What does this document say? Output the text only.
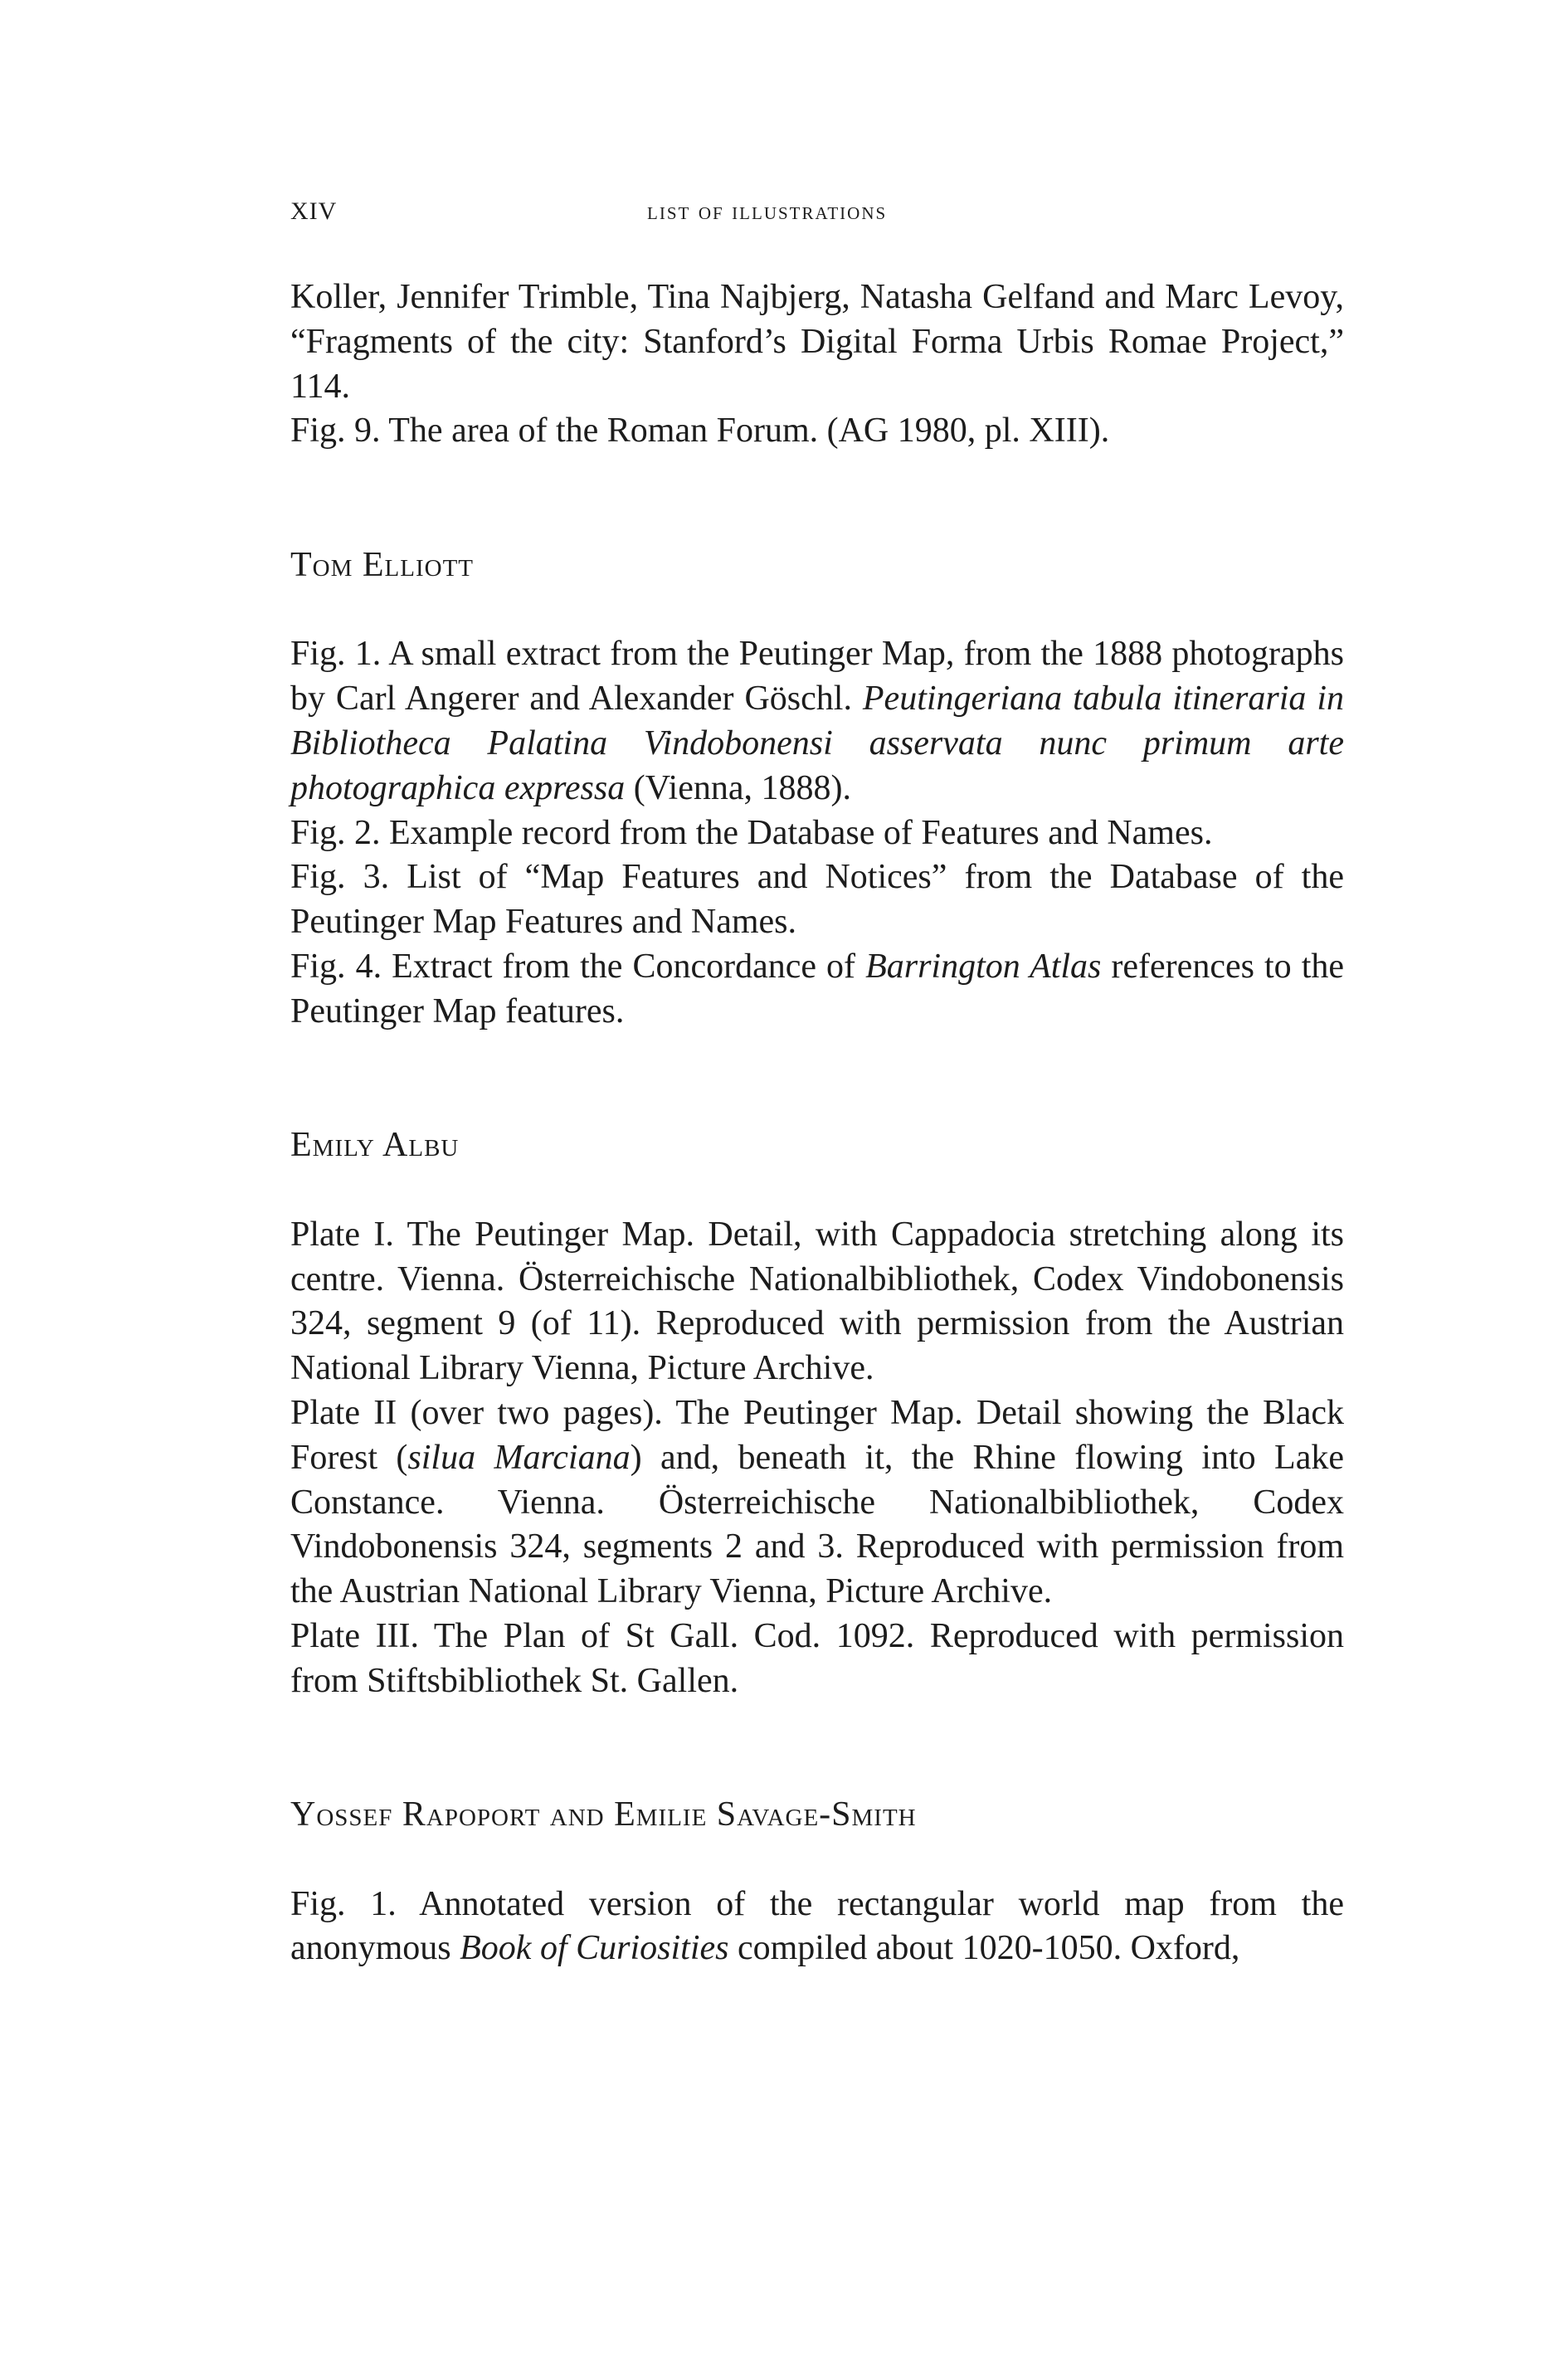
XIV	list of illustrations

Koller, Jennifer Trimble, Tina Najbjerg, Natasha Gelfand and Marc Levoy, “Fragments of the city: Stanford’s Digital Forma Urbis Romae Project,” 114.

Fig. 9. The area of the Roman Forum. (AG 1980, pl. XIII).

Tom Elliott

Fig. 1. A small extract from the Peutinger Map, from the 1888 photographs by Carl Angerer and Alexander Göschl. Peutingeriana tabula itineraria in Bibliotheca Palatina Vindobonensi asservata nunc primum arte photographica expressa (Vienna, 1888).

Fig. 2. Example record from the Database of Features and Names.

Fig. 3. List of “Map Features and Notices” from the Database of the Peutinger Map Features and Names.

Fig. 4. Extract from the Concordance of Barrington Atlas references to the Peutinger Map features.

Emily Albu

Plate I. The Peutinger Map. Detail, with Cappadocia stretching along its centre. Vienna. Österreichische Nationalbibliothek, Codex Vindobonensis 324, segment 9 (of 11). Reproduced with permission from the Austrian National Library Vienna, Picture Archive.

Plate II (over two pages). The Peutinger Map. Detail showing the Black Forest (silua Marciana) and, beneath it, the Rhine flowing into Lake Constance. Vienna. Österreichische Nationalbibliothek, Codex Vindobonensis 324, segments 2 and 3. Reproduced with permission from the Austrian National Library Vienna, Picture Archive.

Plate III. The Plan of St Gall. Cod. 1092. Reproduced with permission from Stiftsbibliothek St. Gallen.

Yossef Rapoport and Emilie Savage-Smith

Fig. 1. Annotated version of the rectangular world map from the anonymous Book of Curiosities compiled about 1020-1050. Oxford,
